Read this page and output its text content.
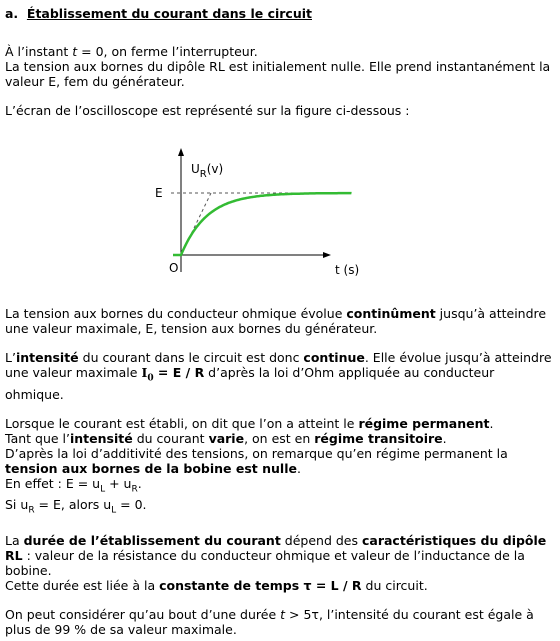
a. Établissement du courant dans le circuit

À l’instant t = 0, on ferme l’interrupteur.

La tension aux bornes du dipôle RL est initialement nulle. Elle prend instantanément la valeur E, fem du générateur.

L’écran de l’oscilloscope est représenté sur la figure ci-dessous :

$U_R(v)$
E
O	t (s)

La tension aux bornes du conducteur ohmique évolue continûment jusqu’à atteindre une valeur maximale, E, tension aux bornes du générateur.

L’intensité du courant dans le circuit est donc continue. Elle évolue jusqu’à atteindre une valeur maximale $I_0 = E / R$ d’après la loi d’Ohm appliquée au conducteur ohmique.

Lorsque le courant est établi, on dit que l’on a atteint le régime permanent.

Tant que l’intensité du courant varie, on est en régime transitoire.

D’après la loi d’additivité des tensions, on remarque qu’en régime permanent la tension aux bornes de la bobine est nulle.

En effet : $E = u_L + u_R$.

Si $u_R = E$, alors $u_L = 0$.

La durée de l’établissement du courant dépend des caractéristiques du dipôle RL : valeur de la résistance du conducteur ohmique et valeur de l’inductance de la bobine.

Cette durée est liée à la constante de temps τ = L / R du circuit.

On peut considérer qu’au bout d’une durée t > 5τ, l’intensité du courant est égale à plus de 99 % de sa valeur maximale.
